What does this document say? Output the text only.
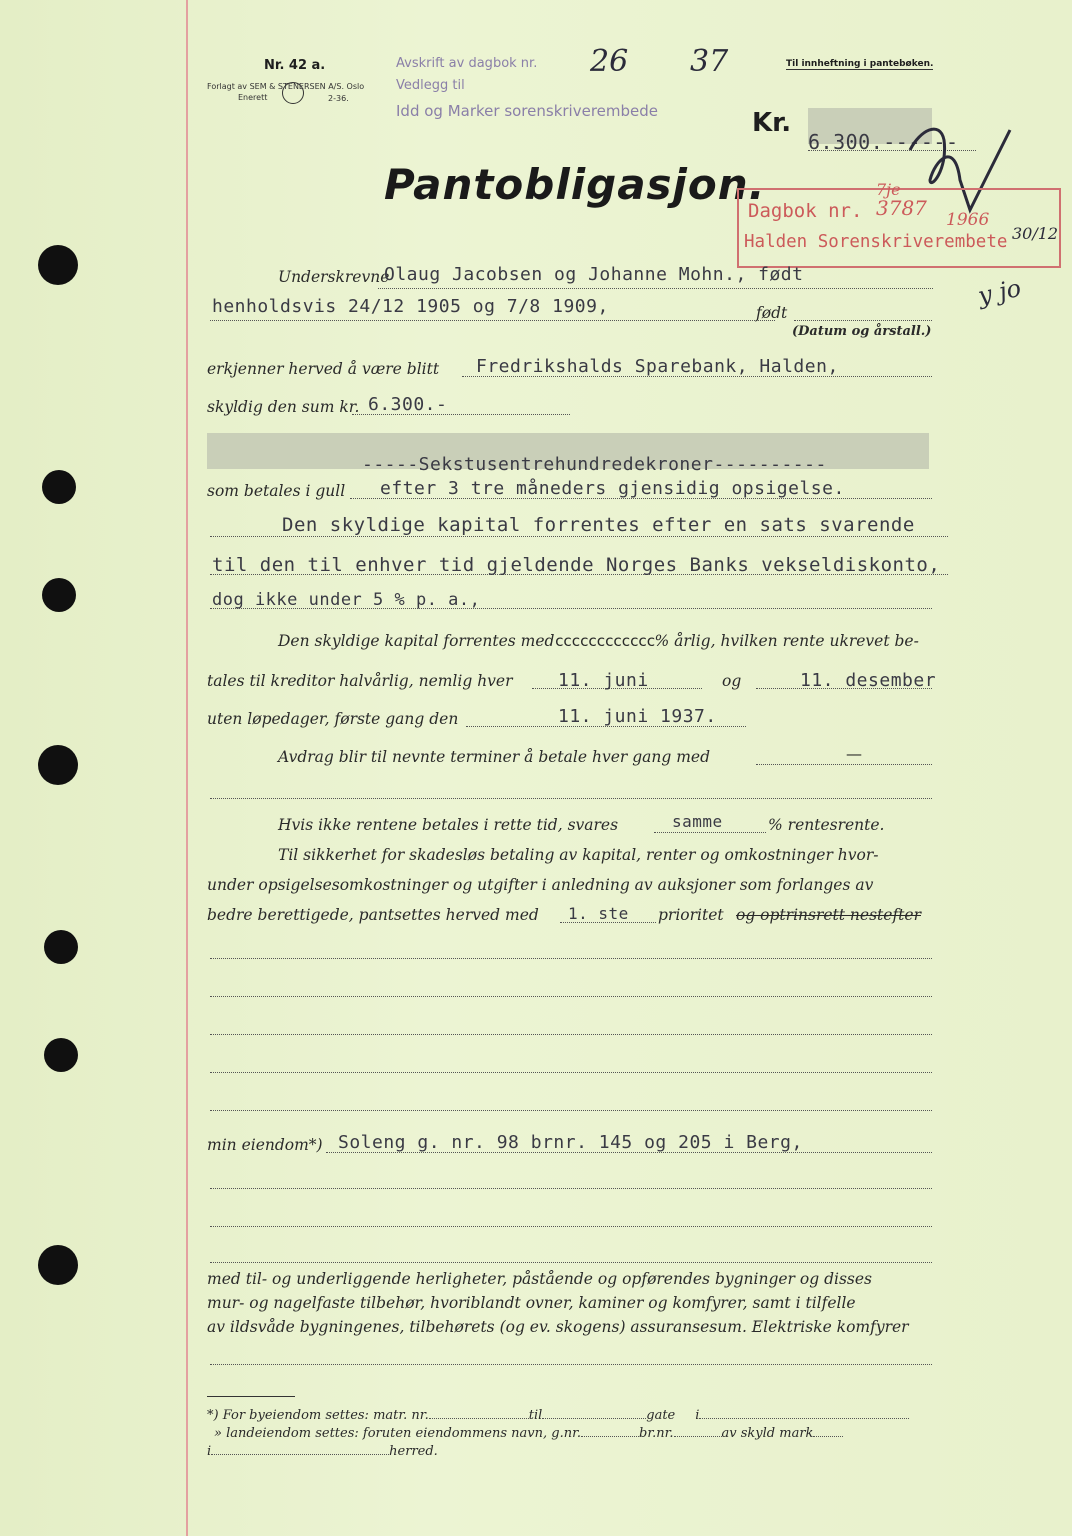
Nr. 42 a.
Forlagt av SEM & STENERSEN A/S. Oslo
Enerett	2-36.
Avskrift av dagbok nr. 26 37
Vedlegg til
Idd og Marker sorenskriverembede
Til innheftning i pantebøken.
Kr.
6.300.------
Pantobligasjon.
Dagbok nr. 3787 1966
30/12
7je
Halden Sorenskriverembete
y jo
Underskrevne
Olaug Jacobsen og Johanne Mohn., født
henholdsvis 24/12 1905 og 7/8 1909,	født
(Datum og årstall.)
erkjenner herved å være blitt Fredrikshalds Sparebank, Halden,
skyldig den sum kr. 6.300.-
-----Sekstusentrehundredekroner----------
som betales i gull efter 3 tre måneders gjensidig opsigelse.
Den skyldige kapital forrentes efter en sats svarende
til den til enhver tid gjeldende Norges Banks vekseldiskonto,
dog ikke under 5 % p. a.,
Den skyldige kapital forrentes medcccccccccccc% årlig, hvilken rente ukrevet be-
tales til kreditor halvårlig, nemlig hver	11. juni	og	11. desember
uten løpedager, første gang den	11. juni 1937.
Avdrag blir til nevnte terminer å betale hver gang med	—
Hvis ikke rentene betales i rette tid, svares	samme	% rentesrente.
Til sikkerhet for skadesløs betaling av kapital, renter og omkostninger hvor-
under opsigelsesomkostninger og utgifter i anledning av auksjoner som forlanges av
bedre berettigede, pantsettes herved med 1. ste prioritet og optrinsrett nestefter
min eiendom*) Soleng g. nr. 98 brnr. 145 og 205 i Berg,
med til- og underliggende herligheter, påstående og opførendes bygninger og disses
mur- og nagelfaste tilbehør, hvoriblandt ovner, kaminer og komfyrer, samt i tilfelle
av ildsvåde bygningenes, tilbehørets (og ev. skogens) assuransesum. Elektriske komfyrer
*) For byeiendom settes: matr. nr.	til	gate i
» landeiendom settes: foruten eiendommens navn, g.nr.	br.nr.	av skyld mark
i	herred.
